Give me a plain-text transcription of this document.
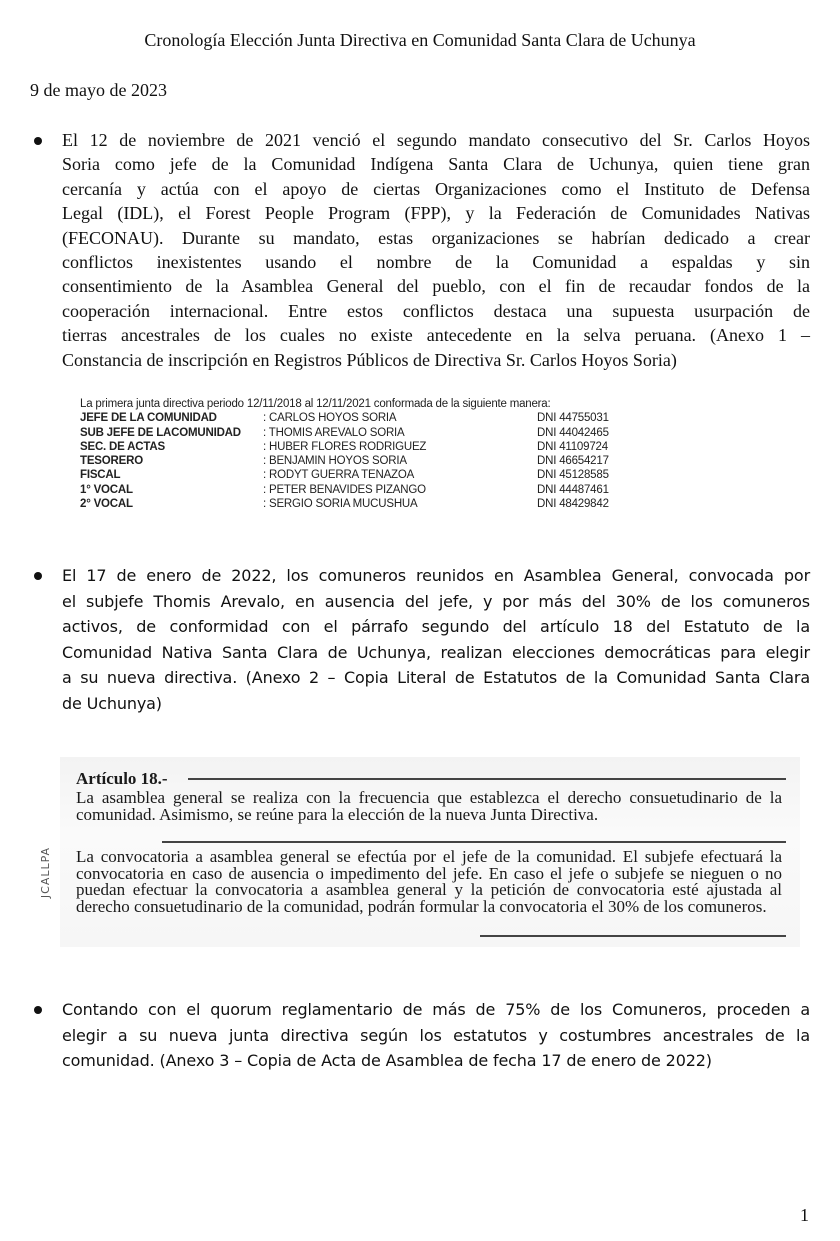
Cronología Elección Junta Directiva en Comunidad Santa Clara de Uchunya
9 de mayo de 2023
El 12 de noviembre de 2021 venció el segundo mandato consecutivo del Sr. Carlos Hoyos
Soria como jefe de la Comunidad Indígena Santa Clara de Uchunya, quien tiene gran
cercanía y actúa con el apoyo de ciertas Organizaciones como el Instituto de Defensa
Legal (IDL), el Forest People Program (FPP), y la Federación de Comunidades Nativas
(FECONAU). Durante su mandato, estas organizaciones se habrían dedicado a crear
conflictos inexistentes usando el nombre de la Comunidad a espaldas y sin
consentimiento de la Asamblea General del pueblo, con el fin de recaudar fondos de la
cooperación internacional. Entre estos conflictos destaca una supuesta usurpación de
tierras ancestrales de los cuales no existe antecedente en la selva peruana. (Anexo 1 –
Constancia de inscripción en Registros Públicos de Directiva Sr. Carlos Hoyos Soria)
La primera junta directiva periodo 12/11/2018 al 12/11/2021 conformada de la siguiente manera:
JEFE DE LA COMUNIDAD	: CARLOS HOYOS SORIA	DNI 44755031
SUB JEFE DE LACOMUNIDAD : THOMIS AREVALO SORIA	DNI 44042465
SEC. DE ACTAS	: HUBER FLORES RODRIGUEZ	DNI 41109724
TESORERO	: BENJAMIN HOYOS SORIA	DNI 46654217
FISCAL	: RODYT GUERRA TENAZOA	DNI 45128585
1° VOCAL	: PETER BENAVIDES PIZANGO	DNI 44487461
2° VOCAL	: SERGIO SORIA MUCUSHUA	DNI 48429842
El 17 de enero de 2022, los comuneros reunidos en Asamblea General, convocada por
el subjefe Thomis Arevalo, en ausencia del jefe, y por más del 30% de los comuneros
activos, de conformidad con el párrafo segundo del artículo 18 del Estatuto de la
Comunidad Nativa Santa Clara de Uchunya, realizan elecciones democráticas para elegir
a su nueva directiva. (Anexo 2 – Copia Literal de Estatutos de la Comunidad Santa Clara
de Uchunya)
Artículo 18.-
La asamblea general se realiza con la frecuencia que establezca el derecho consuetudinario de la comunidad. Asimismo, se reúne para la elección de la nueva Junta Directiva.
La convocatoria a asamblea general se efectúa por el jefe de la comunidad. El subjefe efectuará la convocatoria en caso de ausencia o impedimento del jefe. En caso el jefe o subjefe se nieguen o no puedan efectuar la convocatoria a asamblea general y la petición de convocatoria esté ajustada al derecho consuetudinario de la comunidad, podrán formular la convocatoria el 30% de los comuneros.
JCALLPA
Contando con el quorum reglamentario de más de 75% de los Comuneros, proceden a
elegir a su nueva junta directiva según los estatutos y costumbres ancestrales de la
comunidad. (Anexo 3 – Copia de Acta de Asamblea de fecha 17 de enero de 2022)
1
